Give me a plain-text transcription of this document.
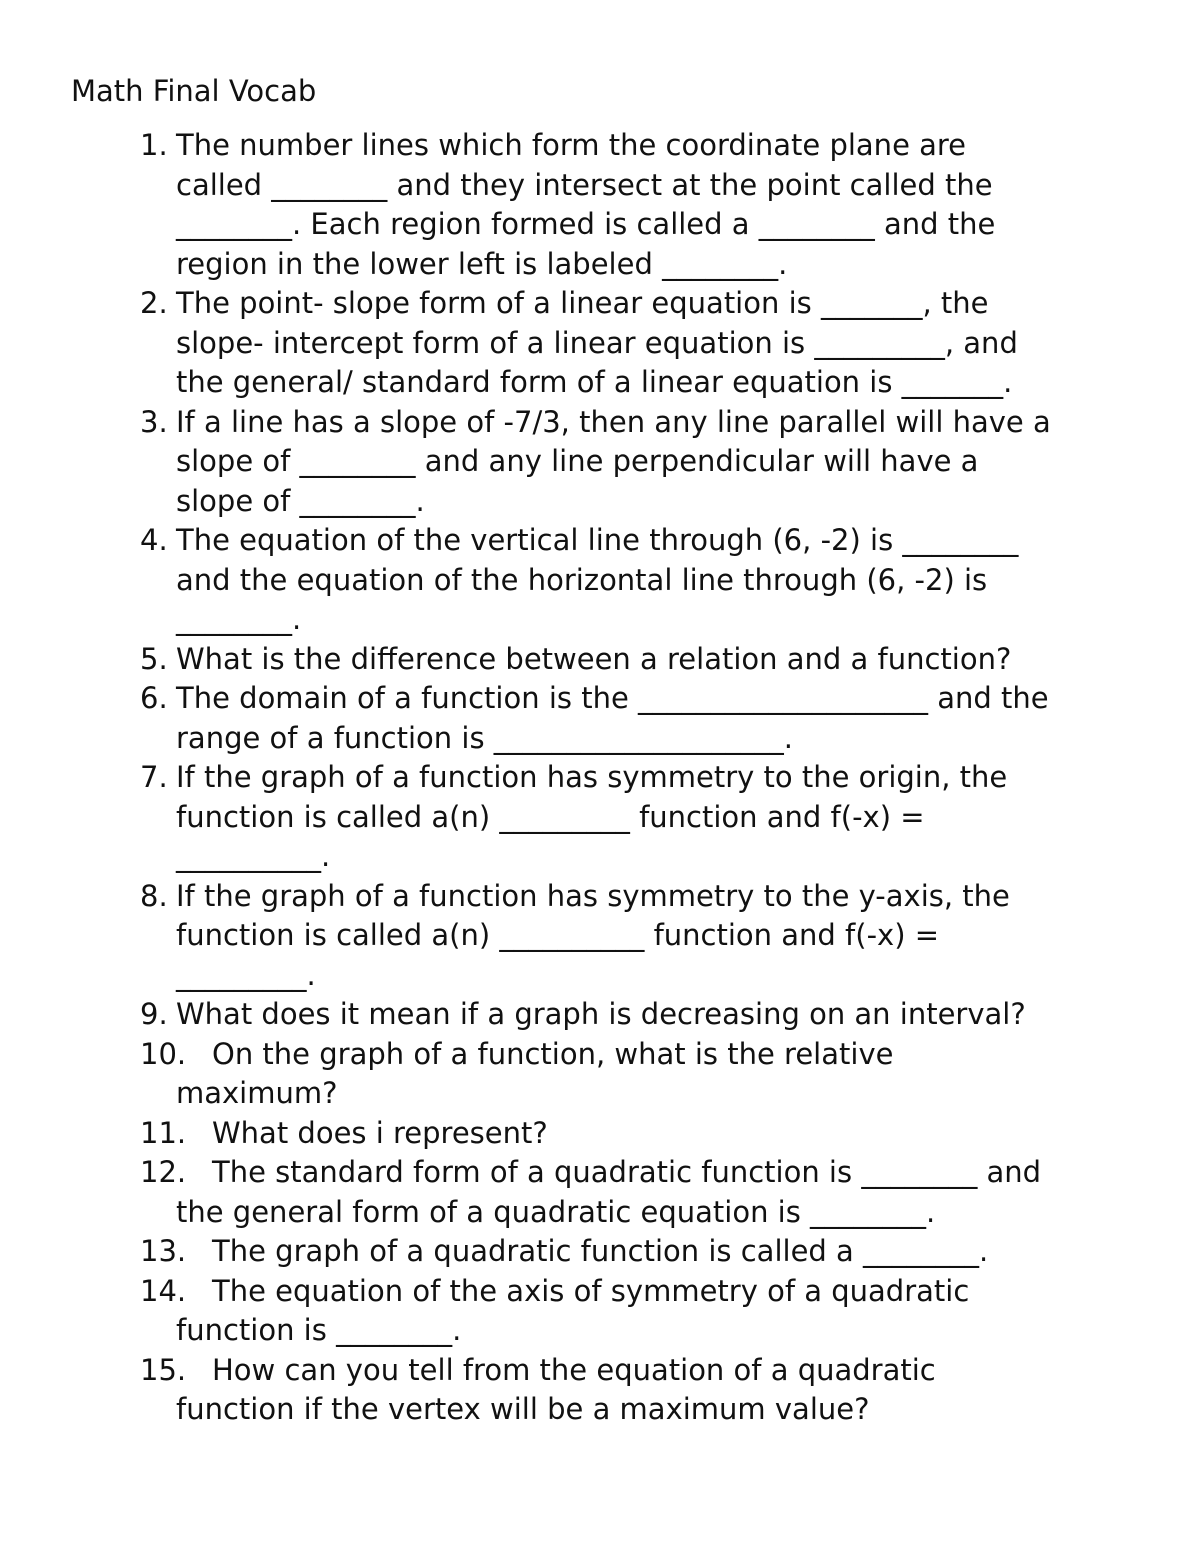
Math Final Vocab
1. The number lines which form the coordinate plane are
called ________ and they intersect at the point called the
________. Each region formed is called a ________ and the
region in the lower left is labeled ________.
2. The point- slope form of a linear equation is _______, the
slope- intercept form of a linear equation is _________, and
the general/ standard form of a linear equation is _______.
3. If a line has a slope of -7/3, then any line parallel will have a
slope of ________ and any line perpendicular will have a
slope of ________.
4. The equation of the vertical line through (6, -2) is ________
and the equation of the horizontal line through (6, -2) is
________.
5. What is the difference between a relation and a function?
6. The domain of a function is the ____________________ and the
range of a function is ____________________.
7. If the graph of a function has symmetry to the origin, the
function is called a(n) _________ function and f(-x) =
__________.
8. If the graph of a function has symmetry to the y-axis, the
function is called a(n) __________ function and f(-x) =
_________.
9. What does it mean if a graph is decreasing on an interval?
10. On the graph of a function, what is the relative
maximum?
11. What does i represent?
12. The standard form of a quadratic function is ________ and
the general form of a quadratic equation is ________.
13. The graph of a quadratic function is called a ________.
14. The equation of the axis of symmetry of a quadratic
function is ________.
15. How can you tell from the equation of a quadratic
function if the vertex will be a maximum value?
